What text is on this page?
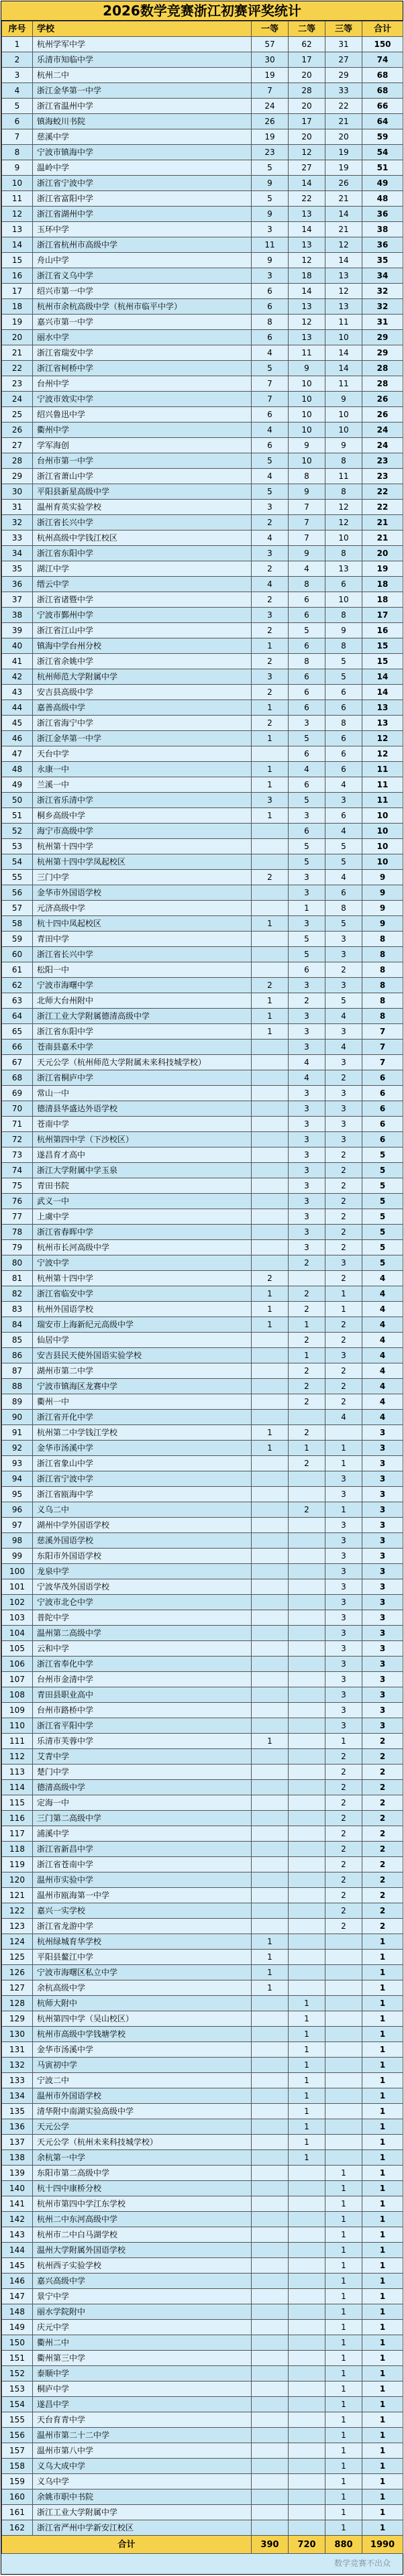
2026数学竞赛浙江初赛评奖统计
序号	学校	一等	二等	三等	合计
1	杭州学军中学	57	62	31	150
2	乐清市知临中学	30	17	27	74
3	杭州二中	19	20	29	68
4	浙江金华第一中学	7	28	33	68
5	浙江省温州中学	24	20	22	66
6	镇海蛟川书院	26	17	21	64
7	慈溪中学	19	20	20	59
8	宁波市镇海中学	23	12	19	54
9	温岭中学	5	27	19	51
10	浙江省宁波中学	9	14	26	49
11	浙江省富阳中学	5	22	21	48
12	浙江省湖州中学	9	13	14	36
13	玉环中学	3	14	21	38
14	浙江省杭州市高级中学	11	13	12	36
15	舟山中学	9	12	14	35
16	浙江省义乌中学	3	18	13	34
17	绍兴市第一中学	6	14	12	32
18	杭州市余杭高级中学（杭州市临平中学）	6	13	13	32
19	嘉兴市第一中学	8	12	11	31
20	丽水中学	6	13	10	29
21	浙江省瑞安中学	4	11	14	29
22	浙江省柯桥中学	5	9	14	28
23	台州中学	7	10	11	28
24	宁波市效实中学	7	10	9	26
25	绍兴鲁迅中学	6	10	10	26
26	衢州中学	4	10	10	24
27	学军海创	6	9	9	24
28	台州市第一中学	5	10	8	23
29	浙江省萧山中学	4	8	11	23
30	平阳县新星高级中学	5	9	8	22
31	温州育英实验学校	3	7	12	22
32	浙江省长兴中学	2	7	12	21
33	杭州高级中学钱江校区	4	7	10	21
34	浙江省东阳中学	3	9	8	20
35	湖江中学	2	4	13	19
36	缙云中学	4	8	6	18
37	浙江省诸暨中学	2	6	10	18
38	宁波市鄞州中学	3	6	8	17
39	浙江省江山中学	2	5	9	16
40	镇海中学台州分校	1	6	8	15
41	浙江省余姚中学	2	8	5	15
42	杭州师范大学附属中学	3	6	5	14
43	安吉县高级中学	2	6	6	14
44	嘉善高级中学	1	6	6	13
45	浙江省海宁中学	2	3	8	13
46	浙江金华第一中学	1	5	6	12
47	天台中学		6	6	12
48	永康一中	1	4	6	11
49	兰溪一中	1	6	4	11
50	浙江省乐清中学	3	5	3	11
51	桐乡高级中学	1	3	6	10
52	海宁市高级中学		6	4	10
53	杭州第十四中学		5	5	10
54	杭州第十四中学凤起校区		5	5	10
55	三门中学	2	3	4	9
56	金华市外国语学校		3	6	9
57	元济高级中学		1	8	9
58	杭十四中凤起校区	1	3	5	9
59	青田中学		5	3	8
60	浙江省长兴中学		5	3	8
61	松阳一中		6	2	8
62	宁波市海曙中学	2	3	3	8
63	北师大台州附中	1	2	5	8
64	浙江工业大学附属德清高级中学	1	3	4	8
65	浙江省东阳中学	1	3	3	7
66	苍南县嘉禾中学		3	4	7
67	天元公学（杭州师范大学附属未来科技城学校）		4	3	7
68	浙江省桐庐中学		4	2	6
69	常山一中		3	3	6
70	德清县华盛达外语学校		3	3	6
71	苍南中学		3	3	6
72	杭州第四中学（下沙校区）		3	3	6
73	遂昌育才高中		3	2	5
74	浙江大学附属中学玉泉		3	2	5
75	青田书院		3	2	5
76	武义一中		3	2	5
77	上虞中学		3	2	5
78	浙江省春晖中学		3	2	5
79	杭州市长河高级中学		3	2	5
80	宁波中学		2	3	5
81	杭州第十四中学	2		2	4
82	浙江省临安中学	1	2	1	4
83	杭州外国语学校	1	2	1	4
84	瑞安市上海新纪元高级中学	1	1	2	4
85	仙居中学		2	2	4
86	安吉县民天使外国语实验学校		1	3	4
87	湖州市第二中学		2	2	4
88	宁波市镇海区龙赛中学		2	2	4
89	衢州一中		2	2	4
90	浙江省开化中学			4	4
91	杭州第二中学钱江学校	1	2		3
92	金华市汤溪中学	1	1	1	3
93	浙江省象山中学		2	1	3
94	浙江省宁波中学			3	3
95	浙江省瓯海中学			3	3
96	义乌二中		2	1	3
97	湖州中学外国语学校			3	3
98	慈溪外国语学校			3	3
99	东阳市外国语学校			3	3
100	龙泉中学			3	3
101	宁波华茂外国语学校			3	3
102	宁波市北仑中学			3	3
103	普陀中学			3	3
104	温州第二高级中学			3	3
105	云和中学			3	3
106	浙江省奉化中学			3	3
107	台州市金清中学			3	3
108	青田县职业高中			3	3
109	台州市路桥中学			3	3
110	浙江省平阳中学			3	3
111	乐清市芙蓉中学	1		1	2
112	艾青中学			2	2
113	楚门中学			2	2
114	德清高级中学			2	2
115	定海一中			2	2
116	三门第二高级中学			2	2
117	浦溪中学			2	2
118	浙江省新昌中学			2	2
119	浙江省苍南中学			2	2
120	温州市实验中学			2	2
121	温州市瓯海第一中学			2	2
122	嘉兴一实学校			2	2
123	浙江省龙游中学			2	2
124	杭州绿城育华学校	1			1
125	平阳县鳌江中学	1			1
126	宁波市海曙区私立中学	1			1
127	余杭高级中学	1			1
128	杭师大附中		1		1
129	杭州第四中学（吴山校区）		1		1
130	杭州市高级中学钱塘学校		1		1
131	金华市汤溪中学		1		1
132	马寅初中学		1		1
133	宁波二中		1		1
134	温州市外国语学校		1		1
135	清华附中南湖实验高级中学		1		1
136	天元公学		1		1
137	天元公学（杭州未来科技城学校）		1		1
138	余杭第一中学		1		1
139	东阳市第二高级中学			1	1
140	杭十四中康桥分校			1	1
141	杭州市第四中学江东学校			1	1
142	杭州二中东河高级中学			1	1
143	杭州市二中白马湖学校			1	1
144	温州大学附属外国语学校			1	1
145	杭州西子实验学校			1	1
146	嘉兴高级中学			1	1
147	景宁中学			1	1
148	丽水学院附中			1	1
149	庆元中学			1	1
150	衢州二中			1	1
151	衢州第三中学			1	1
152	泰顺中学			1	1
153	桐庐中学			1	1
154	遂昌中学			1	1
155	天台育青中学			1	1
156	温州市第二十二中学			1	1
157	温州市第八中学			1	1
158	义乌大成中学			1	1
159	义乌中学			1	1
160	余姚市职中书院			1	1
161	浙江工业大学附属中学			1	1
162	浙江省严州中学新安江校区			1	1
合计		390	720	880	1990
数学竞赛不出众
